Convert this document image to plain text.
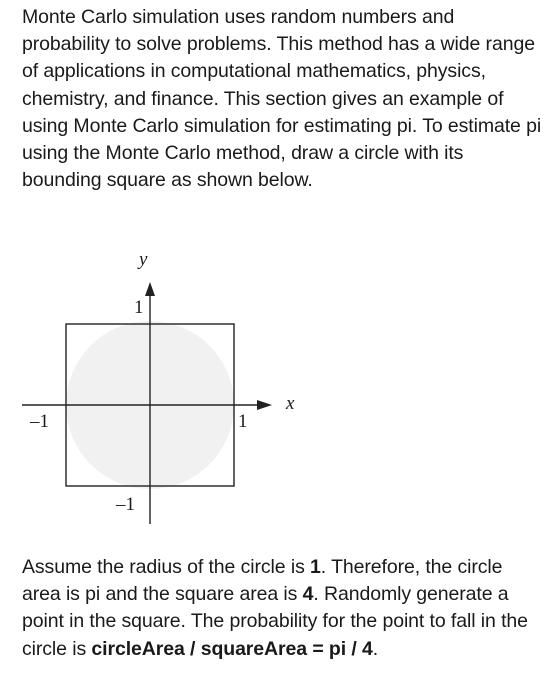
Monte Carlo simulation uses random numbers and probability to solve problems. This method has a wide range of applications in computational mathematics, physics, chemistry, and finance. This section gives an example of using Monte Carlo simulation for estimating pi. To estimate pi using the Monte Carlo method, draw a circle with its bounding square as shown below.

y
x
1
–1
–1	1

Assume the radius of the circle is 1. Therefore, the circle area is pi and the square area is 4. Randomly generate a point in the square. The probability for the point to fall in the circle is circleArea / squareArea = pi / 4.
